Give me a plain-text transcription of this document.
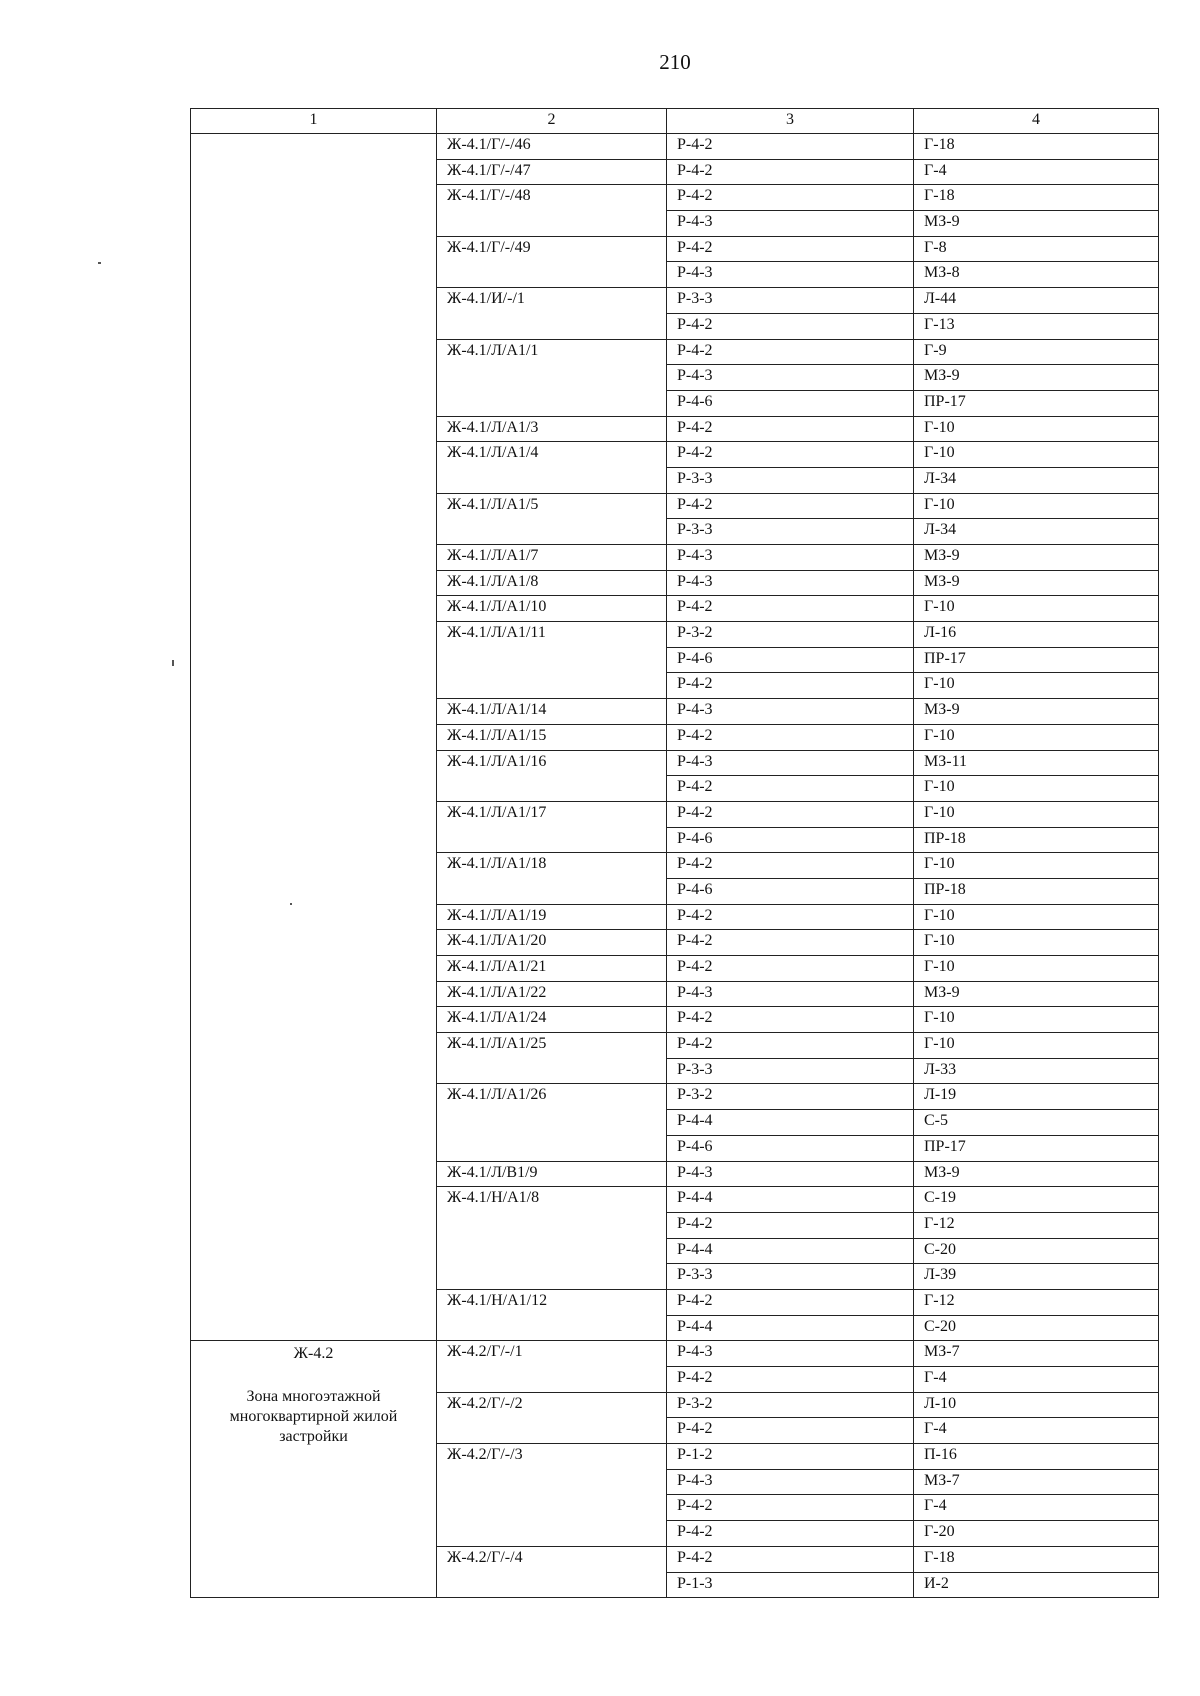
210
1	2	3	4

	Ж-4.1/Г/-/46	Р-4-2	Г-18
	Ж-4.1/Г/-/47	Р-4-2	Г-4
	Ж-4.1/Г/-/48	Р-4-2	Г-18
		Р-4-3	МЗ-9
	Ж-4.1/Г/-/49	Р-4-2	Г-8
		Р-4-3	МЗ-8
	Ж-4.1/И/-/1	Р-3-3	Л-44
		Р-4-2	Г-13
	Ж-4.1/Л/А1/1	Р-4-2	Г-9
		Р-4-3	МЗ-9
		Р-4-6	ПР-17
	Ж-4.1/Л/А1/3	Р-4-2	Г-10
	Ж-4.1/Л/А1/4	Р-4-2	Г-10
		Р-3-3	Л-34
	Ж-4.1/Л/А1/5	Р-4-2	Г-10
		Р-3-3	Л-34
	Ж-4.1/Л/А1/7	Р-4-3	МЗ-9
	Ж-4.1/Л/А1/8	Р-4-3	МЗ-9
	Ж-4.1/Л/А1/10	Р-4-2	Г-10
	Ж-4.1/Л/А1/11	Р-3-2	Л-16
		Р-4-6	ПР-17
		Р-4-2	Г-10
	Ж-4.1/Л/А1/14	Р-4-3	МЗ-9
	Ж-4.1/Л/А1/15	Р-4-2	Г-10
	Ж-4.1/Л/А1/16	Р-4-3	МЗ-11
		Р-4-2	Г-10
	Ж-4.1/Л/А1/17	Р-4-2	Г-10
		Р-4-6	ПР-18
	Ж-4.1/Л/А1/18	Р-4-2	Г-10
		Р-4-6	ПР-18
	Ж-4.1/Л/А1/19	Р-4-2	Г-10
	Ж-4.1/Л/А1/20	Р-4-2	Г-10
	Ж-4.1/Л/А1/21	Р-4-2	Г-10
	Ж-4.1/Л/А1/22	Р-4-3	МЗ-9
	Ж-4.1/Л/А1/24	Р-4-2	Г-10
	Ж-4.1/Л/А1/25	Р-4-2	Г-10
		Р-3-3	Л-33
	Ж-4.1/Л/А1/26	Р-3-2	Л-19
		Р-4-4	С-5
		Р-4-6	ПР-17
	Ж-4.1/Л/В1/9	Р-4-3	МЗ-9
	Ж-4.1/Н/А1/8	Р-4-4	С-19
		Р-4-2	Г-12
		Р-4-4	С-20
		Р-3-3	Л-39
	Ж-4.1/Н/А1/12	Р-4-2	Г-12
		Р-4-4	С-20

Ж-4.2
Зона многоэтажной многоквартирной жилой застройки	Ж-4.2/Г/-/1	Р-4-3	МЗ-7
		Р-4-2	Г-4
	Ж-4.2/Г/-/2	Р-3-2	Л-10
		Р-4-2	Г-4
	Ж-4.2/Г/-/3	Р-1-2	П-16
		Р-4-3	МЗ-7
		Р-4-2	Г-4
		Р-4-2	Г-20
	Ж-4.2/Г/-/4	Р-4-2	Г-18
		Р-1-3	И-2
